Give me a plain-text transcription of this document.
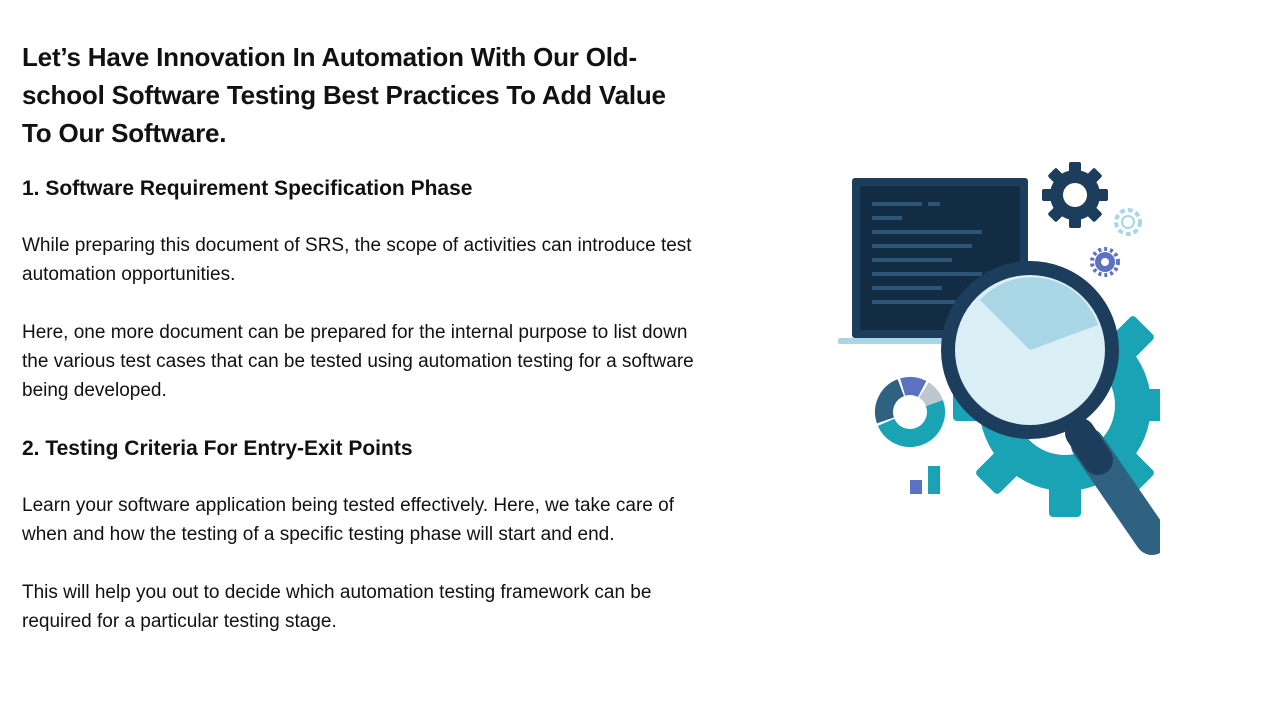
Let’s Have Innovation In Automation With Our Old-school Software Testing Best Practices To Add Value To Our Software.
1. Software Requirement Specification Phase

While preparing this document of SRS, the scope of activities can introduce test automation opportunities.

Here, one more document can be prepared for the internal purpose to list down the various test cases that can be tested using automation testing for a software being developed.

2. Testing Criteria For Entry-Exit Points

Learn your software application being tested effectively. Here, we take care of when and how the testing of a specific testing phase will start and end.

This will help you out to decide which automation testing framework can be required for a particular testing stage.
